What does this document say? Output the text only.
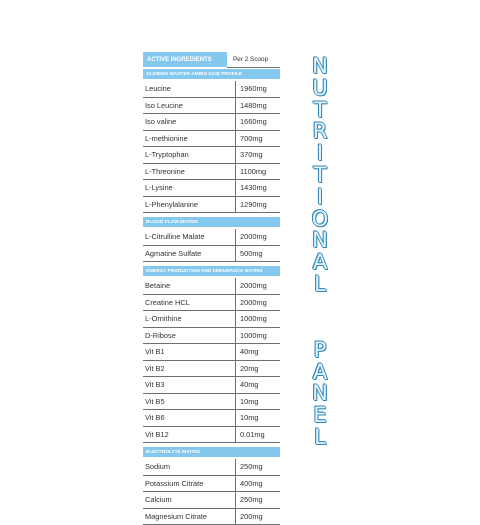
ACTIVE INGREDIENTS	Per 2 Scoop
10,000MG MASTER AMINO ACID PROFILE
Leucine	1960mg
Iso Leucine	1480mg
Iso valine	1660mg
L-methionine	700mg
L-Tryptophan	370mg
L-Threonine	1100mg
L-Lysine	1430mg
L-Phenylalanine	1290mg
BLOOD FLOW MATRIX
L-Citrulline Malate	2000mg
Agmatine Sulfate	500mg
ENERGY PRODUCTION AND ENDURANCE MATRIX
Betaine	2000mg
Creatine HCL	2000mg
L-Ornithine	1000mg
D-Ribose	1000mg
Vit B1	40mg
Vit B2	20mg
Vit B3	40mg
Vit B5	10mg
Vit B6	10mg
Vit B12	0.01mg
ELECTROLYTE MATRIX
Sodium	250mg
Potassium Citrate	400mg
Calcium	250mg
Magnesium Citrate	200mg
N
U
T
R
I
T
I
O
N
A
L
P
A
N
E
L
